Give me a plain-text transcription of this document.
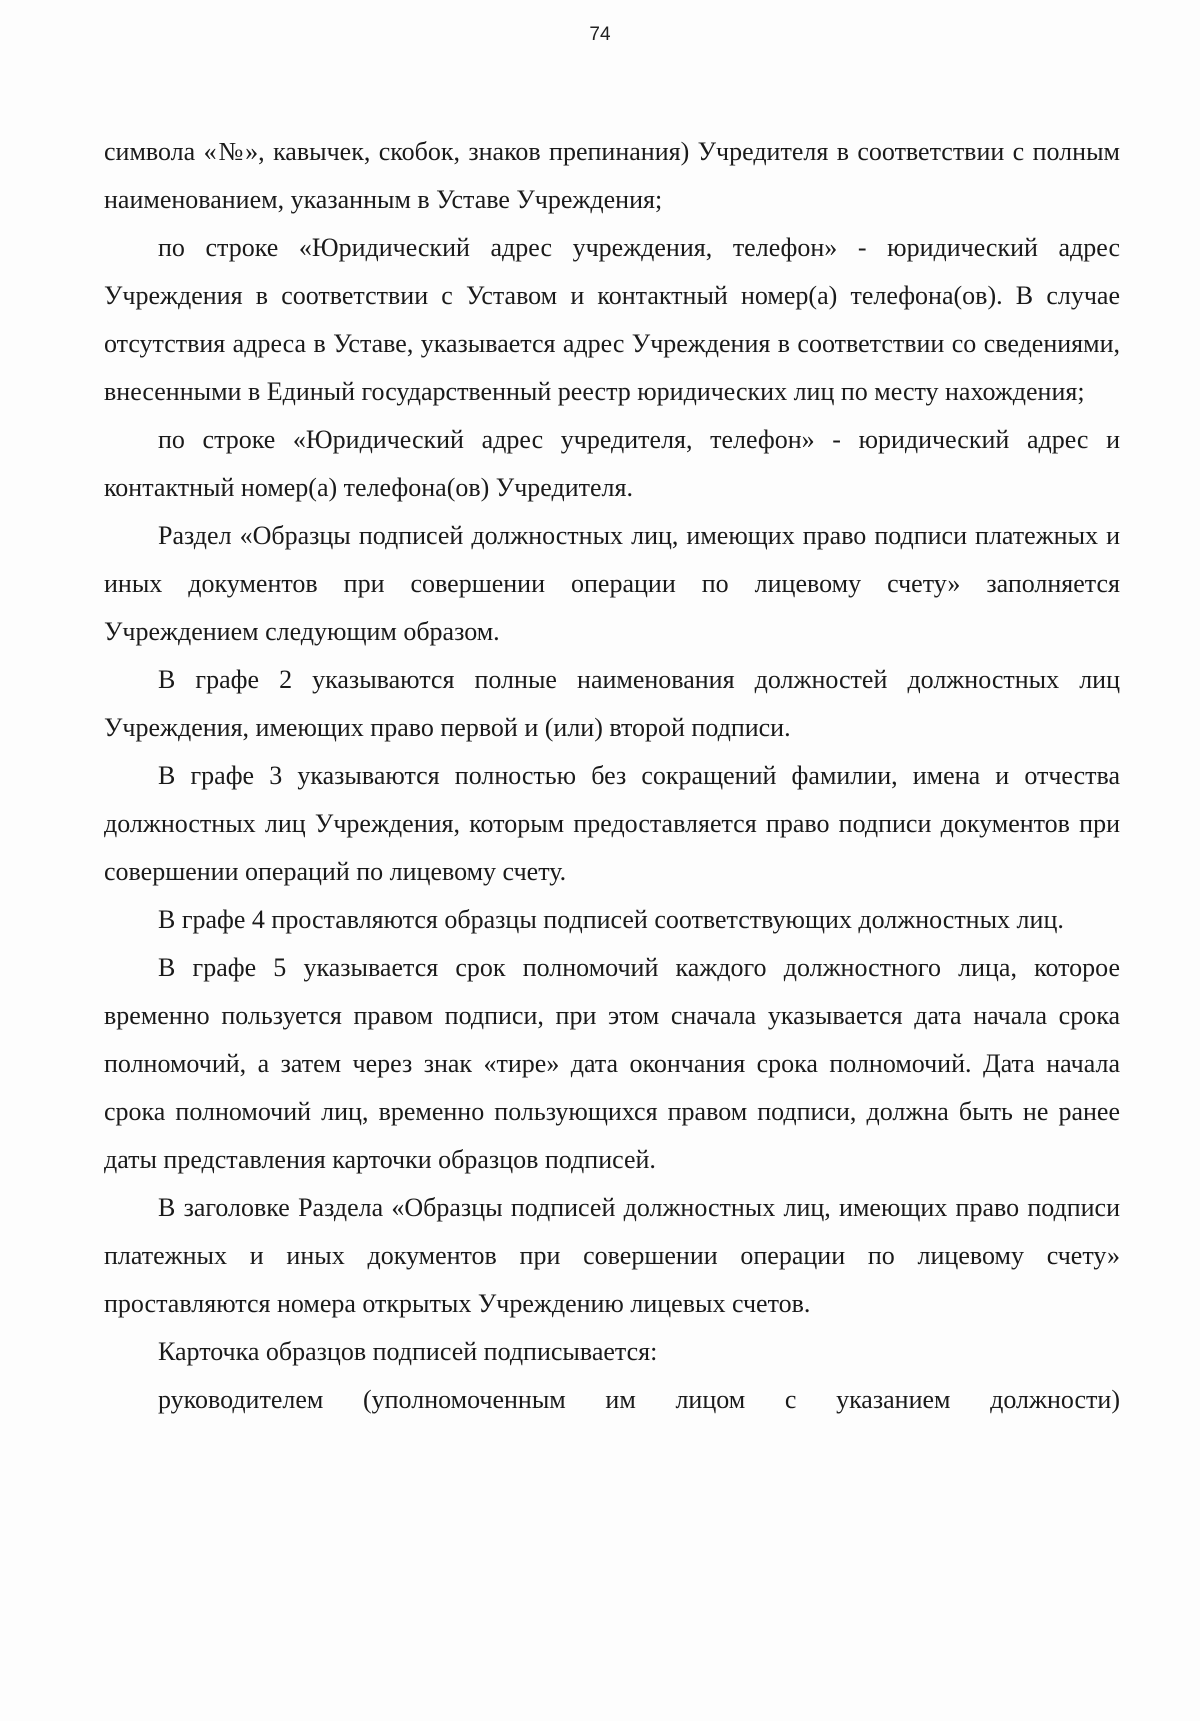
74

символа «№», кавычек, скобок, знаков препинания) Учредителя в соответствии с полным наименованием, указанным в Уставе Учреждения;

по строке «Юридический адрес учреждения, телефон» - юридический адрес Учреждения в соответствии с Уставом и контактный номер(а) телефона(ов). В случае отсутствия адреса в Уставе, указывается адрес Учреждения в соответствии со сведениями, внесенными в Единый государственный реестр юридических лиц по месту нахождения;

по строке «Юридический адрес учредителя, телефон» - юридический адрес и контактный номер(а) телефона(ов) Учредителя.

Раздел «Образцы подписей должностных лиц, имеющих право подписи платежных и иных документов при совершении операции по лицевому счету» заполняется Учреждением следующим образом.

В графе 2 указываются полные наименования должностей должностных лиц Учреждения, имеющих право первой и (или) второй подписи.

В графе 3 указываются полностью без сокращений фамилии, имена и отчества должностных лиц Учреждения, которым предоставляется право подписи документов при совершении операций по лицевому счету.

В графе 4 проставляются образцы подписей соответствующих должностных лиц.

В графе 5 указывается срок полномочий каждого должностного лица, которое временно пользуется правом подписи, при этом сначала указывается дата начала срока полномочий, а затем через знак «тире» дата окончания срока полномочий. Дата начала срока полномочий лиц, временно пользующихся правом подписи, должна быть не ранее даты представления карточки образцов подписей.

В заголовке Раздела «Образцы подписей должностных лиц, имеющих право подписи платежных и иных документов при совершении операции по лицевому счету» проставляются номера открытых Учреждению лицевых счетов.

Карточка образцов подписей подписывается:

руководителем (уполномоченным им лицом с указанием должности)
